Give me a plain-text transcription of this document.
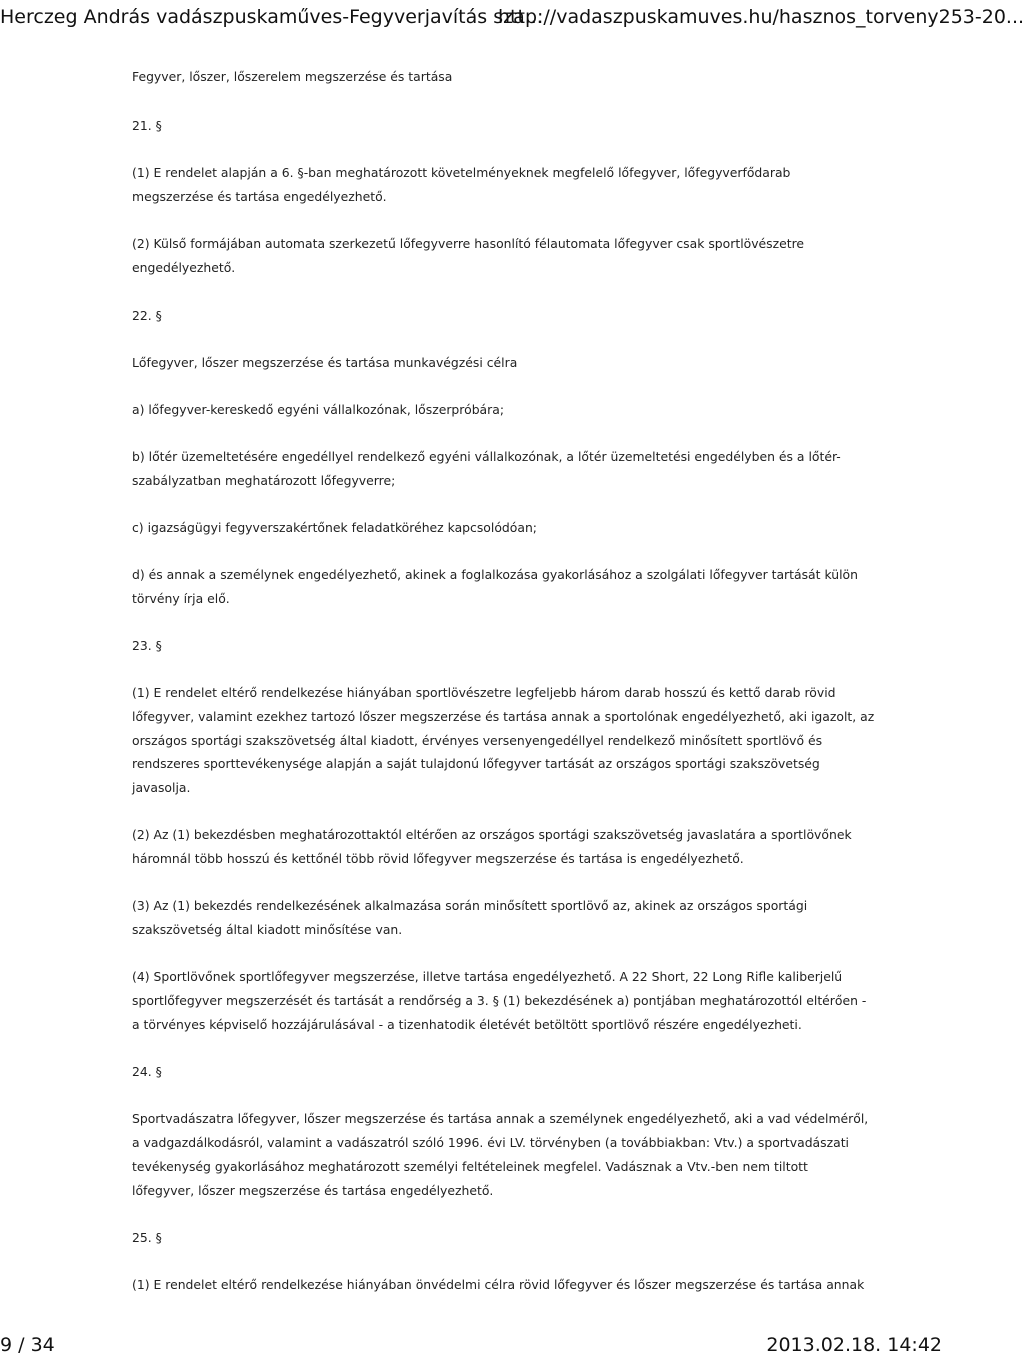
Herczeg András vadászpuskaműves-Fegyverjavítás sza...
http://vadaszpuskamuves.hu/hasznos_torveny253-20...

Fegyver, lőszer, lőszerelem megszerzése és tartása

21. §

(1) E rendelet alapján a 6. §-ban meghatározott követelményeknek megfelelő lőfegyver, lőfegyverfődarab

megszerzése és tartása engedélyezhető.

(2) Külső formájában automata szerkezetű lőfegyverre hasonlító félautomata lőfegyver csak sportlövészetre

engedélyezhető.

22. §

Lőfegyver, lőszer megszerzése és tartása munkavégzési célra

a) lőfegyver-kereskedő egyéni vállalkozónak, lőszerpróbára;

b) lőtér üzemeltetésére engedéllyel rendelkező egyéni vállalkozónak, a lőtér üzemeltetési engedélyben és a lőtér-

szabályzatban meghatározott lőfegyverre;

c) igazságügyi fegyverszakértőnek feladatköréhez kapcsolódóan;

d) és annak a személynek engedélyezhető, akinek a foglalkozása gyakorlásához a szolgálati lőfegyver tartását külön

törvény írja elő.

23. §

(1) E rendelet eltérő rendelkezése hiányában sportlövészetre legfeljebb három darab hosszú és kettő darab rövid

lőfegyver, valamint ezekhez tartozó lőszer megszerzése és tartása annak a sportolónak engedélyezhető, aki igazolt, az

országos sportági szakszövetség által kiadott, érvényes versenyengedéllyel rendelkező minősített sportlövő és

rendszeres sporttevékenysége alapján a saját tulajdonú lőfegyver tartását az országos sportági szakszövetség

javasolja.

(2) Az (1) bekezdésben meghatározottaktól eltérően az országos sportági szakszövetség javaslatára a sportlövőnek

háromnál több hosszú és kettőnél több rövid lőfegyver megszerzése és tartása is engedélyezhető.

(3) Az (1) bekezdés rendelkezésének alkalmazása során minősített sportlövő az, akinek az országos sportági

szakszövetség által kiadott minősítése van.

(4) Sportlövőnek sportlőfegyver megszerzése, illetve tartása engedélyezhető. A 22 Short, 22 Long Rifle kaliberjelű

sportlőfegyver megszerzését és tartását a rendőrség a 3. § (1) bekezdésének a) pontjában meghatározottól eltérően -

a törvényes képviselő hozzájárulásával - a tizenhatodik életévét betöltött sportlövő részére engedélyezheti.

24. §

Sportvadászatra lőfegyver, lőszer megszerzése és tartása annak a személynek engedélyezhető, aki a vad védelméről,

a vadgazdálkodásról, valamint a vadászatról szóló 1996. évi LV. törvényben (a továbbiakban: Vtv.) a sportvadászati

tevékenység gyakorlásához meghatározott személyi feltételeinek megfelel. Vadásznak a Vtv.-ben nem tiltott

lőfegyver, lőszer megszerzése és tartása engedélyezhető.

25. §

(1) E rendelet eltérő rendelkezése hiányában önvédelmi célra rövid lőfegyver és lőszer megszerzése és tartása annak

9 / 34	2013.02.18. 14:42
